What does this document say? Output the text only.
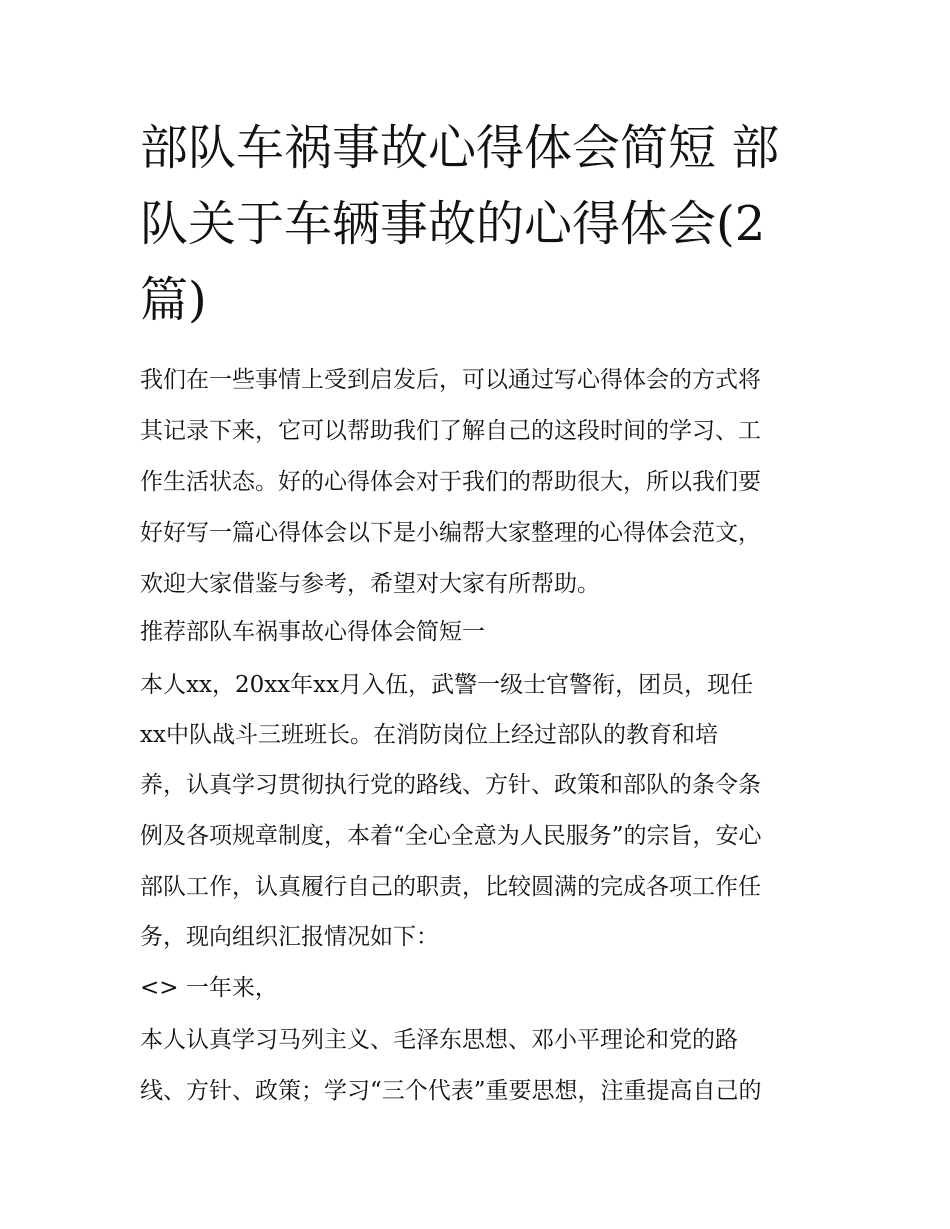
部队车祸事故心得体会简短 部
队关于车辆事故的心得体会(2
篇)
我们在一些事情上受到启发后，可以通过写心得体会的方式将
其记录下来，它可以帮助我们了解自己的这段时间的学习、工
作生活状态。好的心得体会对于我们的帮助很大，所以我们要
好好写一篇心得体会以下是小编帮大家整理的心得体会范文，
欢迎大家借鉴与参考，希望对大家有所帮助。
推荐部队车祸事故心得体会简短一
本人xx，20xx年xx月入伍，武警一级士官警衔，团员，现任
xx中队战斗三班班长。在消防岗位上经过部队的教育和培
养，认真学习贯彻执行党的路线、方针、政策和部队的条令条
例及各项规章制度，本着“全心全意为人民服务”的宗旨，安心
部队工作，认真履行自己的职责，比较圆满的完成各项工作任
务，现向组织汇报情况如下：
<> 一年来，
本人认真学习马列主义、毛泽东思想、邓小平理论和党的路
线、方针、政策；学习“三个代表”重要思想，注重提高自己的
